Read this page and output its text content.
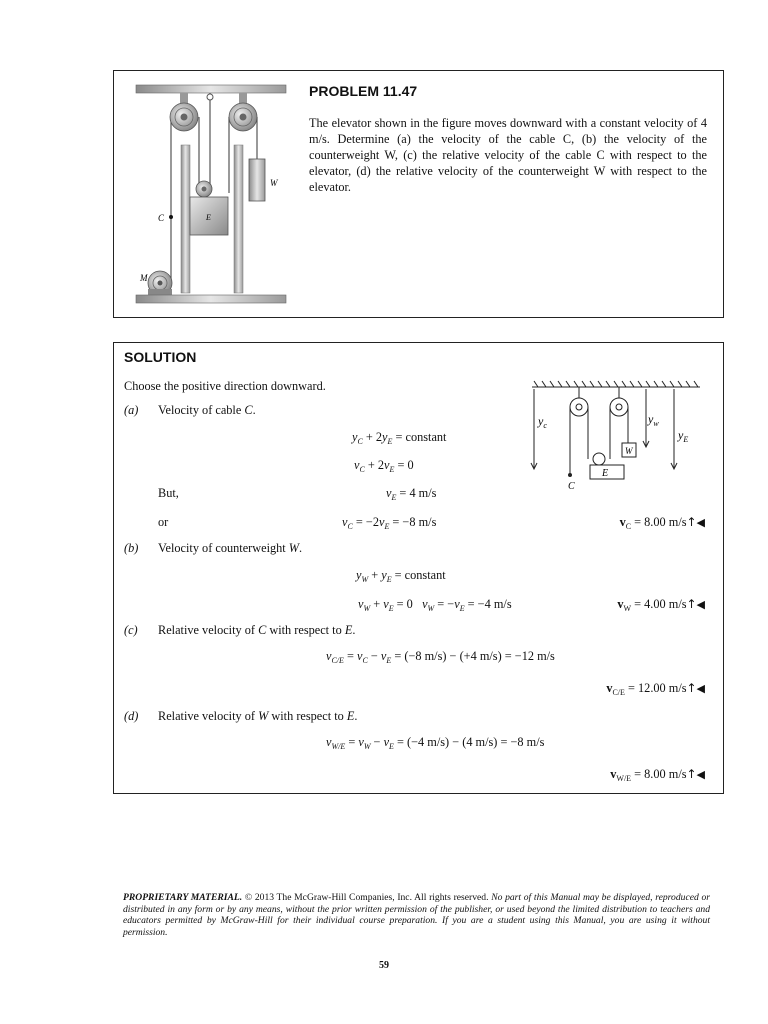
C	E
W
M
PROBLEM 11.47
The elevator shown in the figure moves downward with a constant velocity of 4 m/s. Determine (a) the velocity of the cable C, (b) the velocity of the counterweight W, (c) the relative velocity of the cable C with respect to the elevator, (d) the relative velocity of the counterweight W with respect to the elevator.
SOLUTION
Choose the positive direction downward.
$y_c$	$y_w$
$y_E$
C
E
W
(a) Velocity of cable C.
$y_C + 2y_E$ = constant
$v_C + 2v_E = 0$
But,	$v_E = 4$ m/s
or	$v_C = -2v_E = -8$ m/s	$v_C = 8.00$ m/s↑◀
(b) Velocity of counterweight W.
$y_W + y_E$ = constant
$v_W + v_E = 0$   $v_W = -v_E = -4$ m/s	$v_W = 4.00$ m/s↑◀
(c) Relative velocity of C with respect to E.
$v_{C/E} = v_C - v_E = (-8$ m/s) − (+4 m/s) = −12 m/s
$v_{C/E} = 12.00$ m/s↑◀
(d) Relative velocity of W with respect to E.
$v_{W/E} = v_W - v_E = (-4$ m/s) − (4 m/s) = −8 m/s
$v_{W/E} = 8.00$ m/s↑◀
PROPRIETARY MATERIAL. © 2013 The McGraw-Hill Companies, Inc. All rights reserved. No part of this Manual may be displayed, reproduced or distributed in any form or by any means, without the prior written permission of the publisher, or used beyond the limited distribution to teachers and educators permitted by McGraw-Hill for their individual course preparation. If you are a student using this Manual, you are using it without permission.
59
